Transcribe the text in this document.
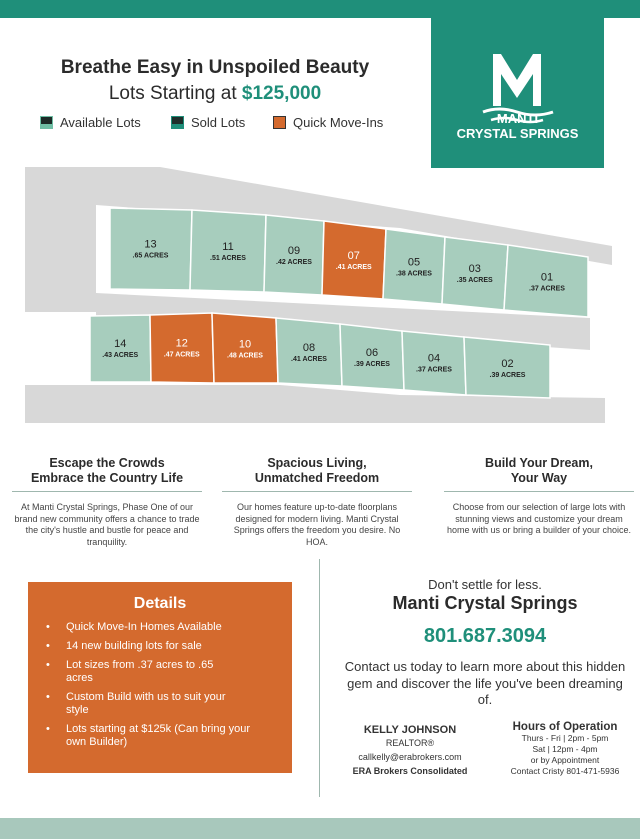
Breathe Easy in Unspoiled Beauty
Lots Starting at $125,000
Available Lots	Sold Lots	Quick Move-Ins	MANTI
CRYSTAL SPRINGS
13
.65 ACRES
11
.51 ACRES
09
.42 ACRES
07
.41 ACRES	05
.38 ACRES	03
.35 ACRES	01
.37 ACRES
14
.43 ACRES
12
.47 ACRES
10
.48 ACRES
08
.41 ACRES
06
.39 ACRES	04
.37 ACRES	02
.39 ACRES
Escape the Crowds
Embrace the Country Life
At Manti Crystal Springs, Phase One of our brand new community offers a chance to trade the city's hustle and bustle for peace and tranquility.
Spacious Living,
Unmatched Freedom
Our homes feature up-to-date floorplans designed for modern living. Manti Crystal Springs offers the freedom you desire. No HOA.
Build Your Dream,
Your Way
Choose from our selection of large lots with stunning views and customize your dream home with us or bring a builder of your choice.
Details
• Quick Move-In Homes Available
• 14 new building lots for sale
• Lot sizes from .37 acres to .65 acres
• Custom Build with us to suit your style
• Lots starting at $125k (Can bring your own Builder)
Don't settle for less.
Manti Crystal Springs
801.687.3094
Contact us today to learn more about this hidden gem and discover the life you've been dreaming of.
KELLY JOHNSON
REALTOR®
callkelly@erabrokers.com
ERA Brokers Consolidated
Hours of Operation
Thurs - Fri | 2pm - 5pm
Sat | 12pm - 4pm
or by Appointment
Contact Cristy 801-471-5936
